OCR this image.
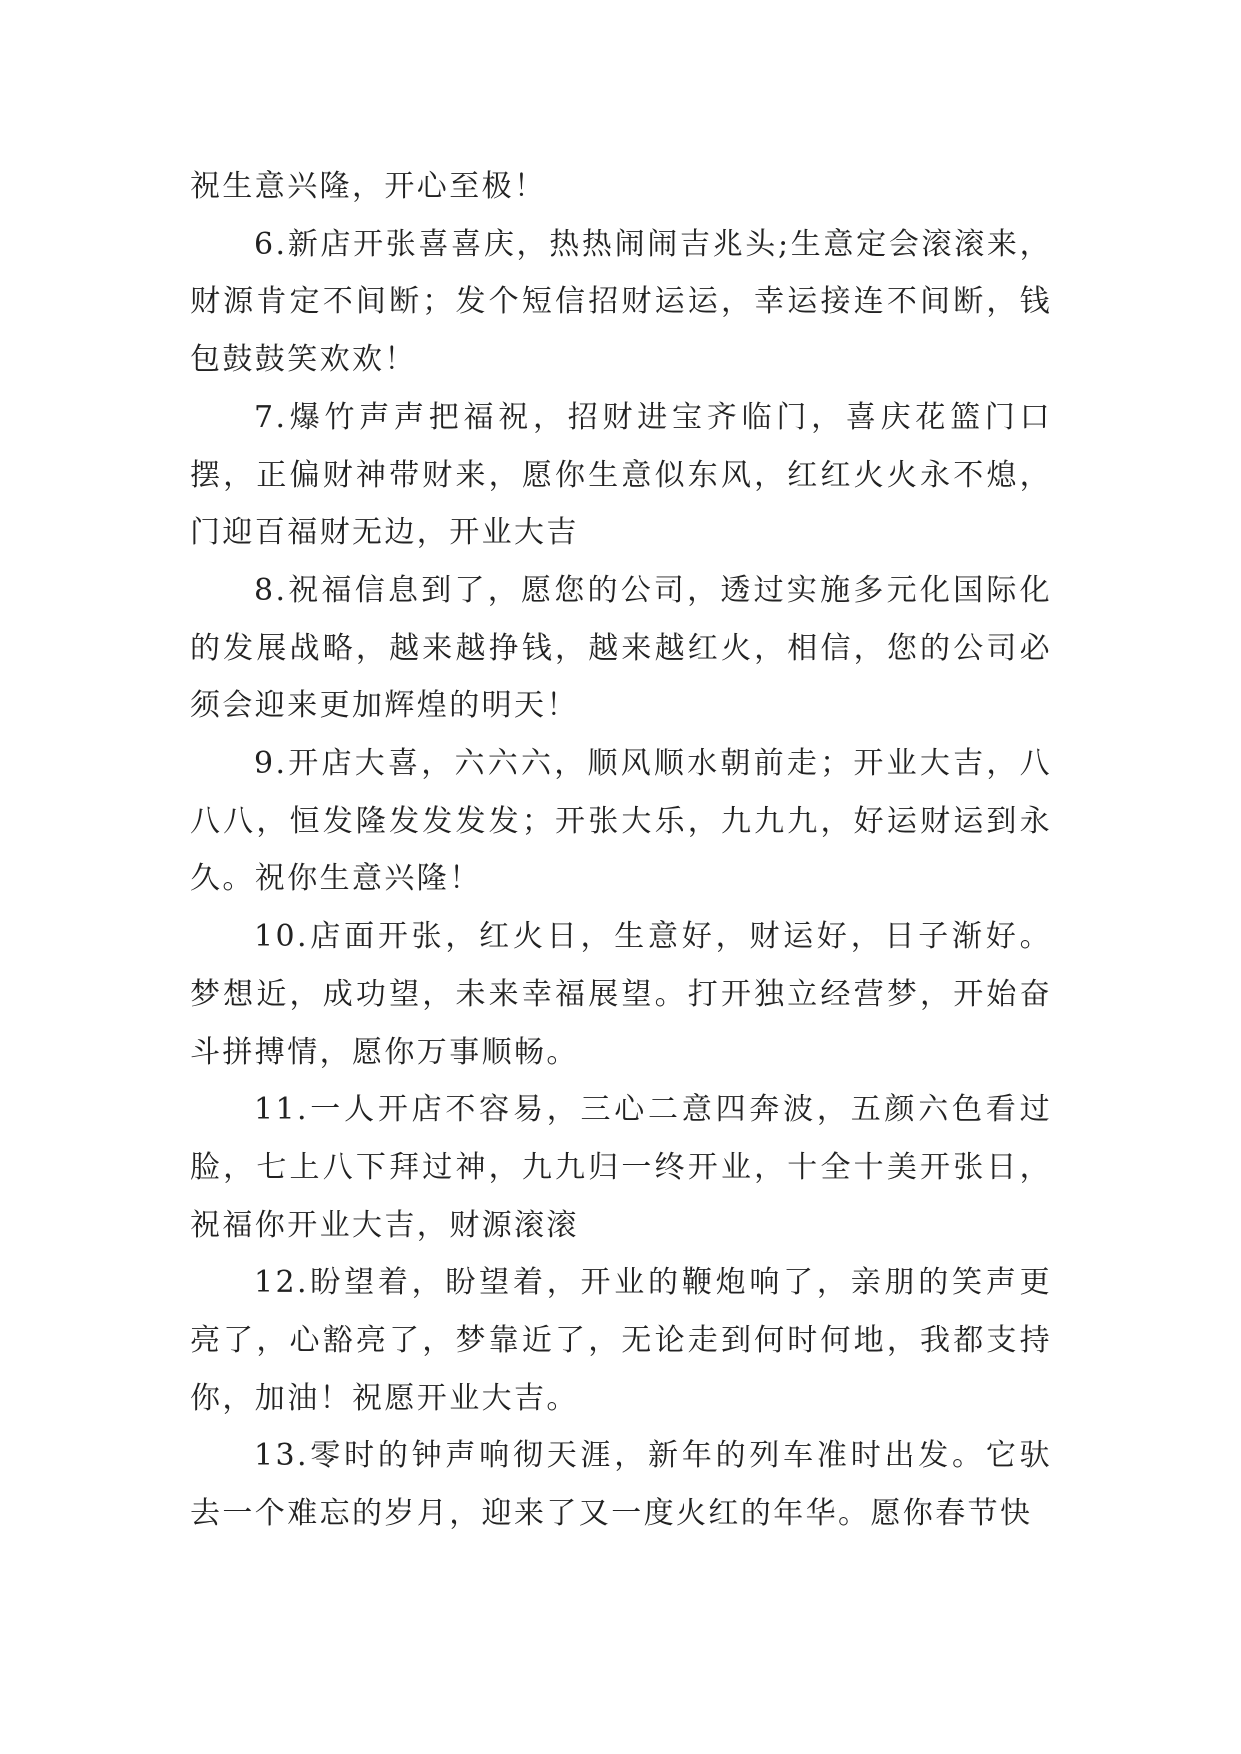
祝生意兴隆，开心至极！

6.新店开张喜喜庆，热热闹闹吉兆头;生意定会滚滚来，财源肯定不间断；发个短信招财运运，幸运接连不间断，钱包鼓鼓笑欢欢！

7.爆竹声声把福祝，招财进宝齐临门，喜庆花篮门口摆，正偏财神带财来，愿你生意似东风，红红火火永不熄，门迎百福财无边，开业大吉

8.祝福信息到了，愿您的公司，透过实施多元化国际化的发展战略，越来越挣钱，越来越红火，相信，您的公司必须会迎来更加辉煌的明天！

9.开店大喜，六六六，顺风顺水朝前走；开业大吉，八八八，恒发隆发发发发；开张大乐，九九九，好运财运到永久。祝你生意兴隆！

10.店面开张，红火日，生意好，财运好，日子渐好。梦想近，成功望，未来幸福展望。打开独立经营梦，开始奋斗拼搏情，愿你万事顺畅。

11.一人开店不容易，三心二意四奔波，五颜六色看过脸，七上八下拜过神，九九归一终开业，十全十美开张日，祝福你开业大吉，财源滚滚

12.盼望着，盼望着，开业的鞭炮响了，亲朋的笑声更亮了，心豁亮了，梦靠近了，无论走到何时何地，我都支持你，加油！祝愿开业大吉。

13.零时的钟声响彻天涯，新年的列车准时出发。它驮去一个难忘的岁月，迎来了又一度火红的年华。愿你春节快
